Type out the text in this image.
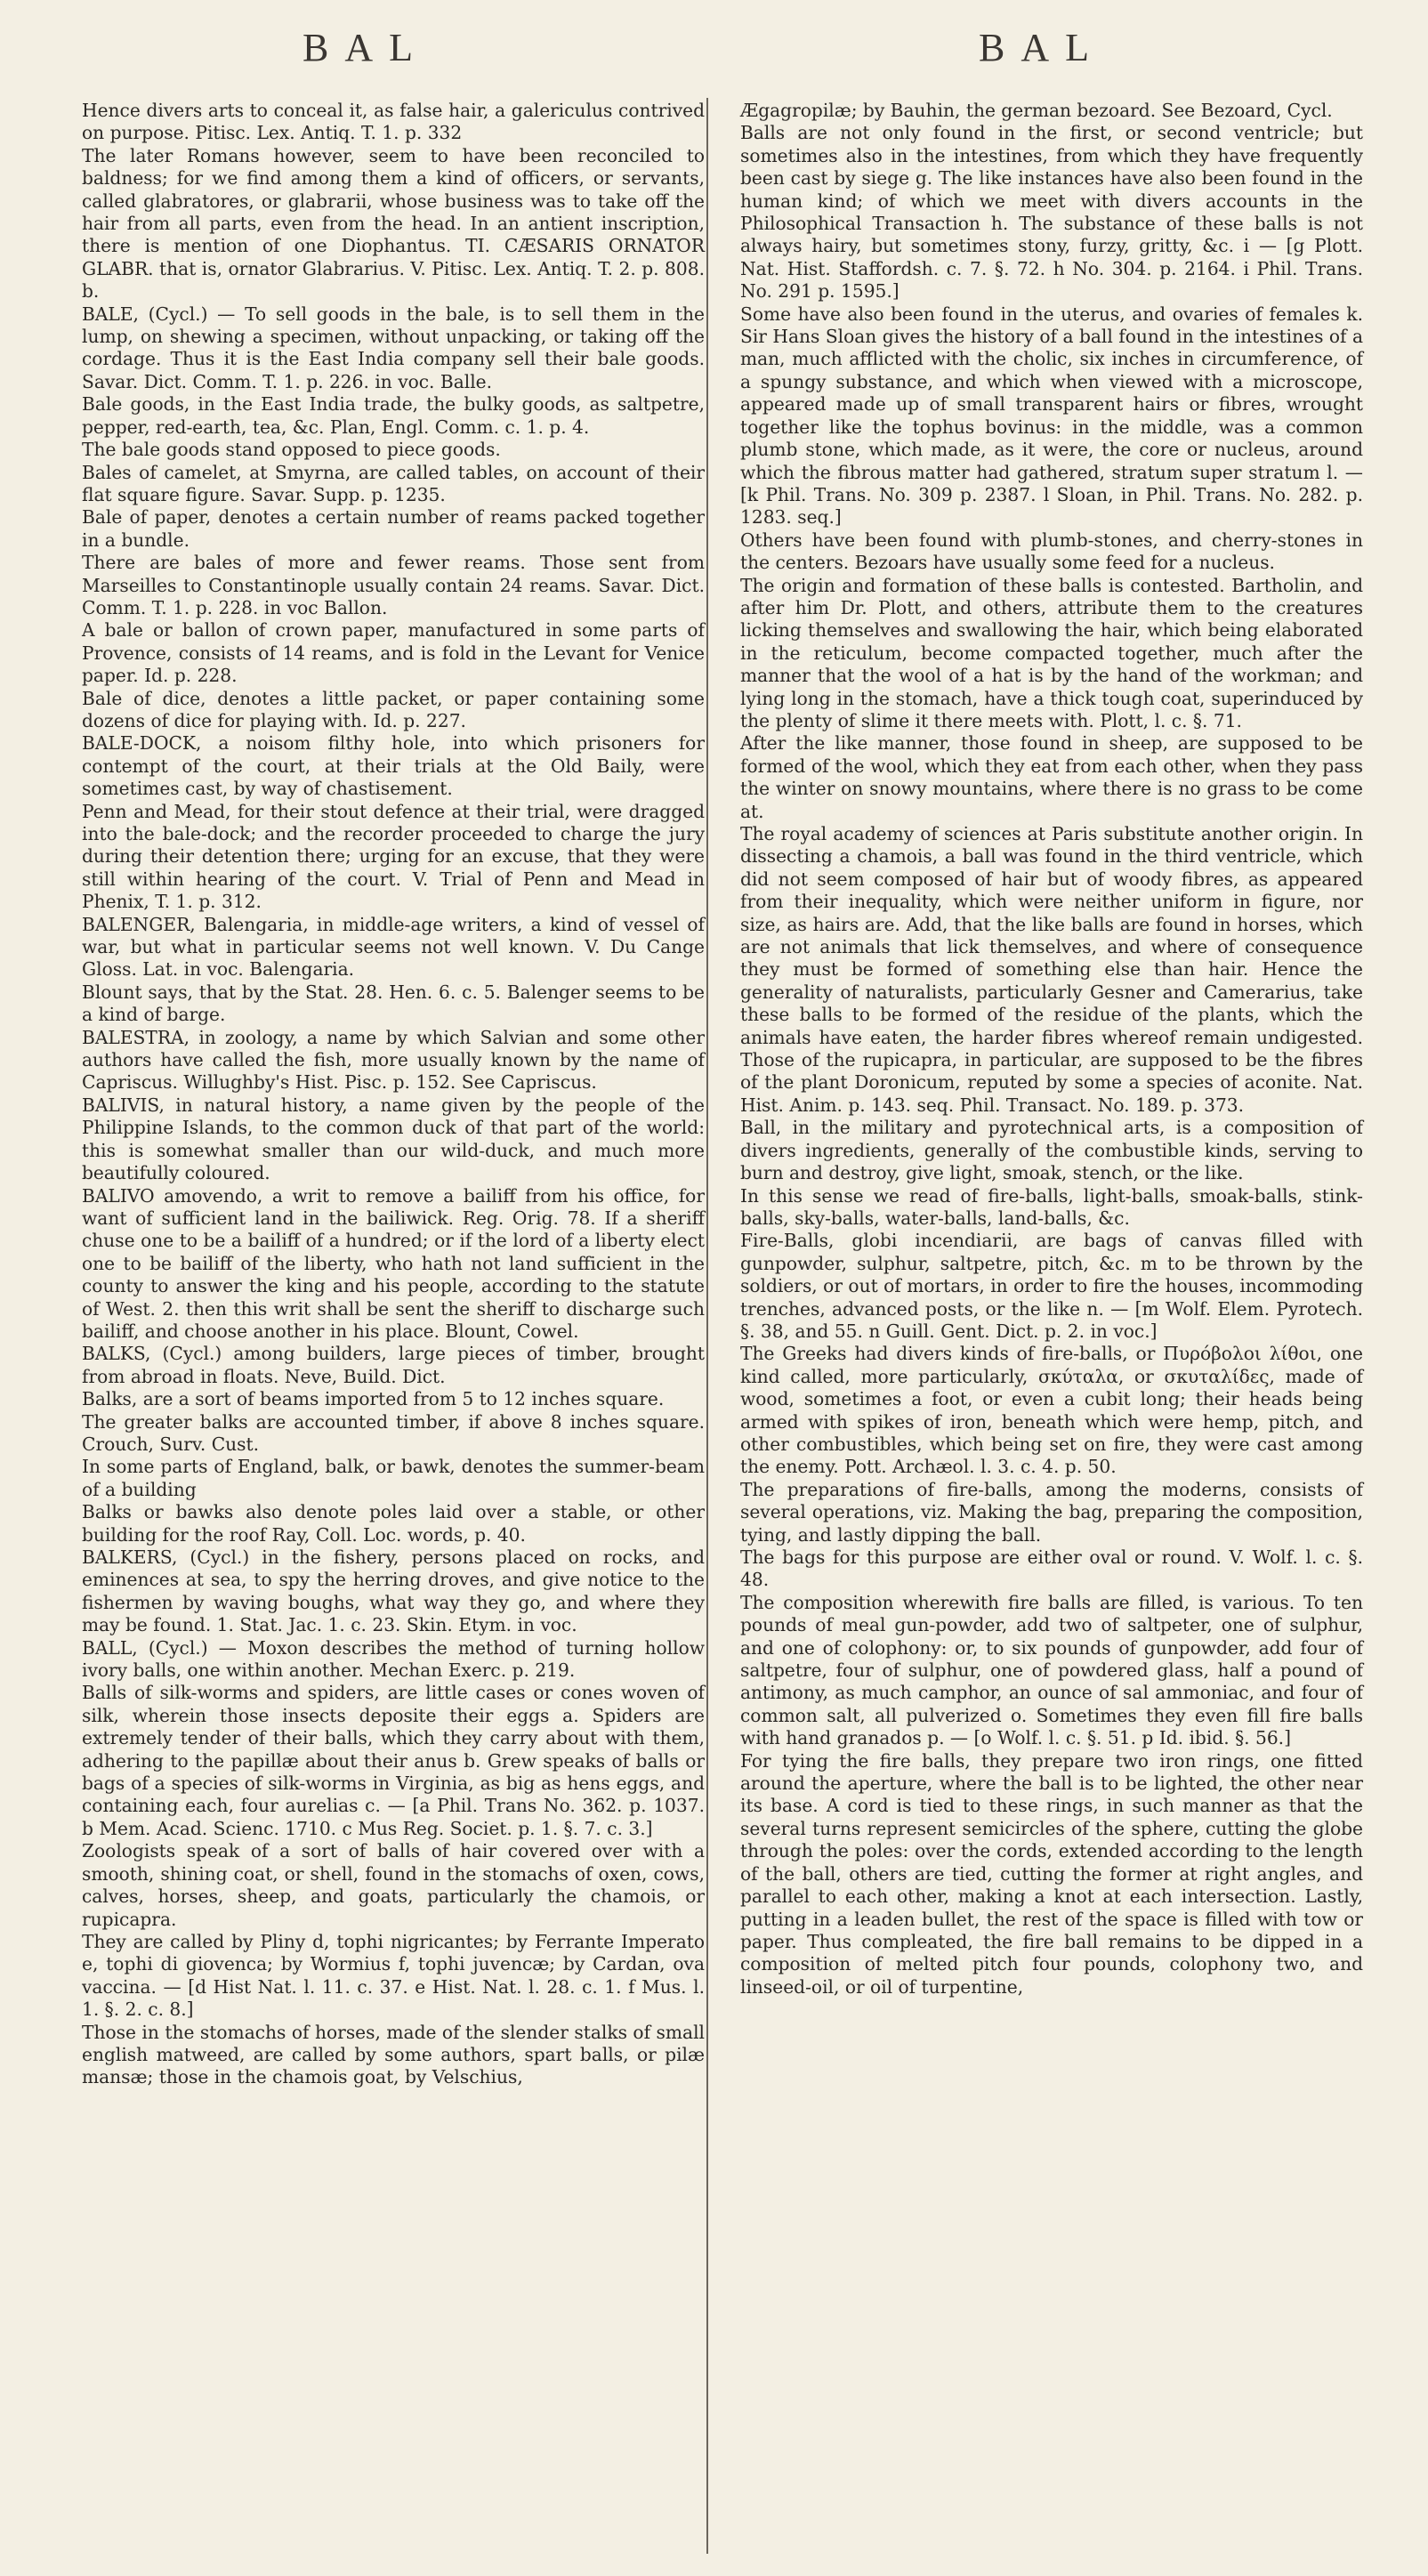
BAL	BAL

Hence divers arts to conceal it, as false hair, a galericulus contrived on purpose. Pitisc. Lex. Antiq. T. 1. p. 332

The later Romans however, seem to have been reconciled to baldness; for we find among them a kind of officers, or servants, called glabratores, or glabrarii, whose business was to take off the hair from all parts, even from the head. In an antient inscription, there is mention of one Diophantus. TI. CÆSARIS ORNATOR GLABR. that is, ornator Glabrarius. V. Pitisc. Lex. Antiq. T. 2. p. 808. b.

BALE, (Cycl.) — To sell goods in the bale, is to sell them in the lump, on shewing a specimen, without unpacking, or taking off the cordage. Thus it is the East India company sell their bale goods. Savar. Dict. Comm. T. 1. p. 226. in voc. Balle.

Bale goods, in the East India trade, the bulky goods, as saltpetre, pepper, red-earth, tea, &c. Plan, Engl. Comm. c. 1. p. 4.

The bale goods stand opposed to piece goods.

Bales of camelet, at Smyrna, are called tables, on account of their flat square figure. Savar. Supp. p. 1235.

Bale of paper, denotes a certain number of reams packed together in a bundle.

There are bales of more and fewer reams. Those sent from Marseilles to Constantinople usually contain 24 reams. Savar. Dict. Comm. T. 1. p. 228. in voc Ballon.

A bale or ballon of crown paper, manufactured in some parts of Provence, consists of 14 reams, and is fold in the Levant for Venice paper. Id. p. 228.

Bale of dice, denotes a little packet, or paper containing some dozens of dice for playing with. Id. p. 227.

BALE-DOCK, a noisom filthy hole, into which prisoners for contempt of the court, at their trials at the Old Baily, were sometimes cast, by way of chastisement.

Penn and Mead, for their stout defence at their trial, were dragged into the bale-dock; and the recorder proceeded to charge the jury during their detention there; urging for an excuse, that they were still within hearing of the court. V. Trial of Penn and Mead in Phenix, T. 1. p. 312.

BALENGER, Balengaria, in middle-age writers, a kind of vessel of war, but what in particular seems not well known. V. Du Cange Gloss. Lat. in voc. Balengaria.

Blount says, that by the Stat. 28. Hen. 6. c. 5. Balenger seems to be a kind of barge.

BALESTRA, in zoology, a name by which Salvian and some other authors have called the fish, more usually known by the name of Capriscus. Willughby's Hist. Pisc. p. 152. See Capriscus.

BALIVIS, in natural history, a name given by the people of the Philippine Islands, to the common duck of that part of the world: this is somewhat smaller than our wild-duck, and much more beautifully coloured.

BALIVO amovendo, a writ to remove a bailiff from his office, for want of sufficient land in the bailiwick. Reg. Orig. 78. If a sheriff chuse one to be a bailiff of a hundred; or if the lord of a liberty elect one to be bailiff of the liberty, who hath not land sufficient in the county to answer the king and his people, according to the statute of West. 2. then this writ shall be sent the sheriff to discharge such bailiff, and choose another in his place. Blount, Cowel.

BALKS, (Cycl.) among builders, large pieces of timber, brought from abroad in floats. Neve, Build. Dict.

Balks, are a sort of beams imported from 5 to 12 inches square.

The greater balks are accounted timber, if above 8 inches square. Crouch, Surv. Cust.

In some parts of England, balk, or bawk, denotes the summer-beam of a building

Balks or bawks also denote poles laid over a stable, or other building for the roof Ray, Coll. Loc. words, p. 40.

BALKERS, (Cycl.) in the fishery, persons placed on rocks, and eminences at sea, to spy the herring droves, and give notice to the fishermen by waving boughs, what way they go, and where they may be found. 1. Stat. Jac. 1. c. 23. Skin. Etym. in voc.

BALL, (Cycl.) — Moxon describes the method of turning hollow ivory balls, one within another. Mechan Exerc. p. 219.

Balls of silk-worms and spiders, are little cases or cones woven of silk, wherein those insects deposite their eggs a. Spiders are extremely tender of their balls, which they carry about with them, adhering to the papillæ about their anus b. Grew speaks of balls or bags of a species of silk-worms in Virginia, as big as hens eggs, and containing each, four aurelias c. — [a Phil. Trans No. 362. p. 1037. b Mem. Acad. Scienc. 1710. c Mus Reg. Societ. p. 1. §. 7. c. 3.]

Zoologists speak of a sort of balls of hair covered over with a smooth, shining coat, or shell, found in the stomachs of oxen, cows, calves, horses, sheep, and goats, particularly the chamois, or rupicapra.

They are called by Pliny d, tophi nigricantes; by Ferrante Imperato e, tophi di giovenca; by Wormius f, tophi juvencæ; by Cardan, ova vaccina. — [d Hist Nat. l. 11. c. 37. e Hist. Nat. l. 28. c. 1. f Mus. l. 1. §. 2. c. 8.]

Those in the stomachs of horses, made of the slender stalks of small english matweed, are called by some authors, spart balls, or pilæ mansæ; those in the chamois goat, by Velschius,

Ægagropilæ; by Bauhin, the german bezoard. See Bezoard, Cycl.

Balls are not only found in the first, or second ventricle; but sometimes also in the intestines, from which they have frequently been cast by siege g. The like instances have also been found in the human kind; of which we meet with divers accounts in the Philosophical Transaction h. The substance of these balls is not always hairy, but sometimes stony, furzy, gritty, &c. i — [g Plott. Nat. Hist. Staffordsh. c. 7. §. 72. h No. 304. p. 2164. i Phil. Trans. No. 291 p. 1595.]

Some have also been found in the uterus, and ovaries of females k. Sir Hans Sloan gives the history of a ball found in the intestines of a man, much afflicted with the cholic, six inches in circumference, of a spungy substance, and which when viewed with a microscope, appeared made up of small transparent hairs or fibres, wrought together like the tophus bovinus: in the middle, was a common plumb stone, which made, as it were, the core or nucleus, around which the fibrous matter had gathered, stratum super stratum l. — [k Phil. Trans. No. 309 p. 2387. l Sloan, in Phil. Trans. No. 282. p. 1283. seq.]

Others have been found with plumb-stones, and cherry-stones in the centers. Bezoars have usually some feed for a nucleus.

The origin and formation of these balls is contested. Bartholin, and after him Dr. Plott, and others, attribute them to the creatures licking themselves and swallowing the hair, which being elaborated in the reticulum, become compacted together, much after the manner that the wool of a hat is by the hand of the workman; and lying long in the stomach, have a thick tough coat, superinduced by the plenty of slime it there meets with. Plott, l. c. §. 71.

After the like manner, those found in sheep, are supposed to be formed of the wool, which they eat from each other, when they pass the winter on snowy mountains, where there is no grass to be come at.

The royal academy of sciences at Paris substitute another origin. In dissecting a chamois, a ball was found in the third ventricle, which did not seem composed of hair but of woody fibres, as appeared from their inequality, which were neither uniform in figure, nor size, as hairs are. Add, that the like balls are found in horses, which are not animals that lick themselves, and where of consequence they must be formed of something else than hair. Hence the generality of naturalists, particularly Gesner and Camerarius, take these balls to be formed of the residue of the plants, which the animals have eaten, the harder fibres whereof remain undigested. Those of the rupicapra, in particular, are supposed to be the fibres of the plant Doronicum, reputed by some a species of aconite. Nat. Hist. Anim. p. 143. seq. Phil. Transact. No. 189. p. 373.

Ball, in the military and pyrotechnical arts, is a composition of divers ingredients, generally of the combustible kinds, serving to burn and destroy, give light, smoak, stench, or the like.

In this sense we read of fire-balls, light-balls, smoak-balls, stink-balls, sky-balls, water-balls, land-balls, &c.

Fire-Balls, globi incendiarii, are bags of canvas filled with gunpowder, sulphur, saltpetre, pitch, &c. m to be thrown by the soldiers, or out of mortars, in order to fire the houses, incommoding trenches, advanced posts, or the like n. — [m Wolf. Elem. Pyrotech. §. 38, and 55. n Guill. Gent. Dict. p. 2. in voc.]

The Greeks had divers kinds of fire-balls, or Πυρόβολοι λίθοι, one kind called, more particularly, σκύταλα, or σκυταλίδες, made of wood, sometimes a foot, or even a cubit long; their heads being armed with spikes of iron, beneath which were hemp, pitch, and other combustibles, which being set on fire, they were cast among the enemy. Pott. Archæol. l. 3. c. 4. p. 50.

The preparations of fire-balls, among the moderns, consists of several operations, viz. Making the bag, preparing the composition, tying, and lastly dipping the ball.

The bags for this purpose are either oval or round. V. Wolf. l. c. §. 48.

The composition wherewith fire balls are filled, is various. To ten pounds of meal gun-powder, add two of saltpeter, one of sulphur, and one of colophony: or, to six pounds of gunpowder, add four of saltpetre, four of sulphur, one of powdered glass, half a pound of antimony, as much camphor, an ounce of sal ammoniac, and four of common salt, all pulverized o. Sometimes they even fill fire balls with hand granados p. — [o Wolf. l. c. §. 51. p Id. ibid. §. 56.]

For tying the fire balls, they prepare two iron rings, one fitted around the aperture, where the ball is to be lighted, the other near its base. A cord is tied to these rings, in such manner as that the several turns represent semicircles of the sphere, cutting the globe through the poles: over the cords, extended according to the length of the ball, others are tied, cutting the former at right angles, and parallel to each other, making a knot at each intersection. Lastly, putting in a leaden bullet, the rest of the space is filled with tow or paper. Thus compleated, the fire ball remains to be dipped in a composition of melted pitch four pounds, colophony two, and linseed-oil, or oil of turpentine,
